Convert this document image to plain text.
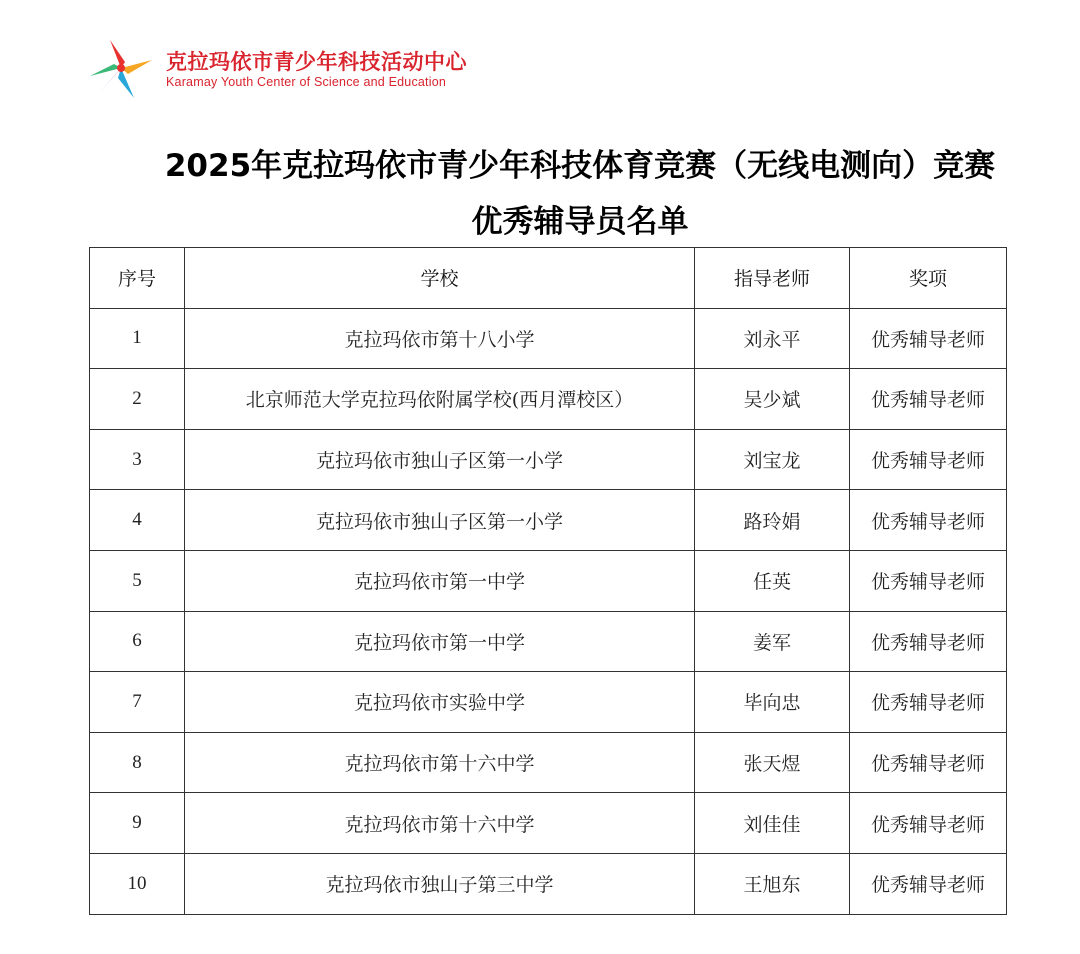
克拉玛依市青少年科技活动中心
Karamay Youth Center of Science and Education
2025年克拉玛依市青少年科技体育竞赛（无线电测向）竞赛
优秀辅导员名单
序号	学校	指导老师	奖项
1	克拉玛依市第十八小学	刘永平	优秀辅导老师
2	北京师范大学克拉玛依附属学校(西月潭校区）	吴少斌	优秀辅导老师
3	克拉玛依市独山子区第一小学	刘宝龙	优秀辅导老师
4	克拉玛依市独山子区第一小学	路玲娟	优秀辅导老师
5	克拉玛依市第一中学	任英	优秀辅导老师
6	克拉玛依市第一中学	姜军	优秀辅导老师
7	克拉玛依市实验中学	毕向忠	优秀辅导老师
8	克拉玛依市第十六中学	张天煜	优秀辅导老师
9	克拉玛依市第十六中学	刘佳佳	优秀辅导老师
10	克拉玛依市独山子第三中学	王旭东	优秀辅导老师
